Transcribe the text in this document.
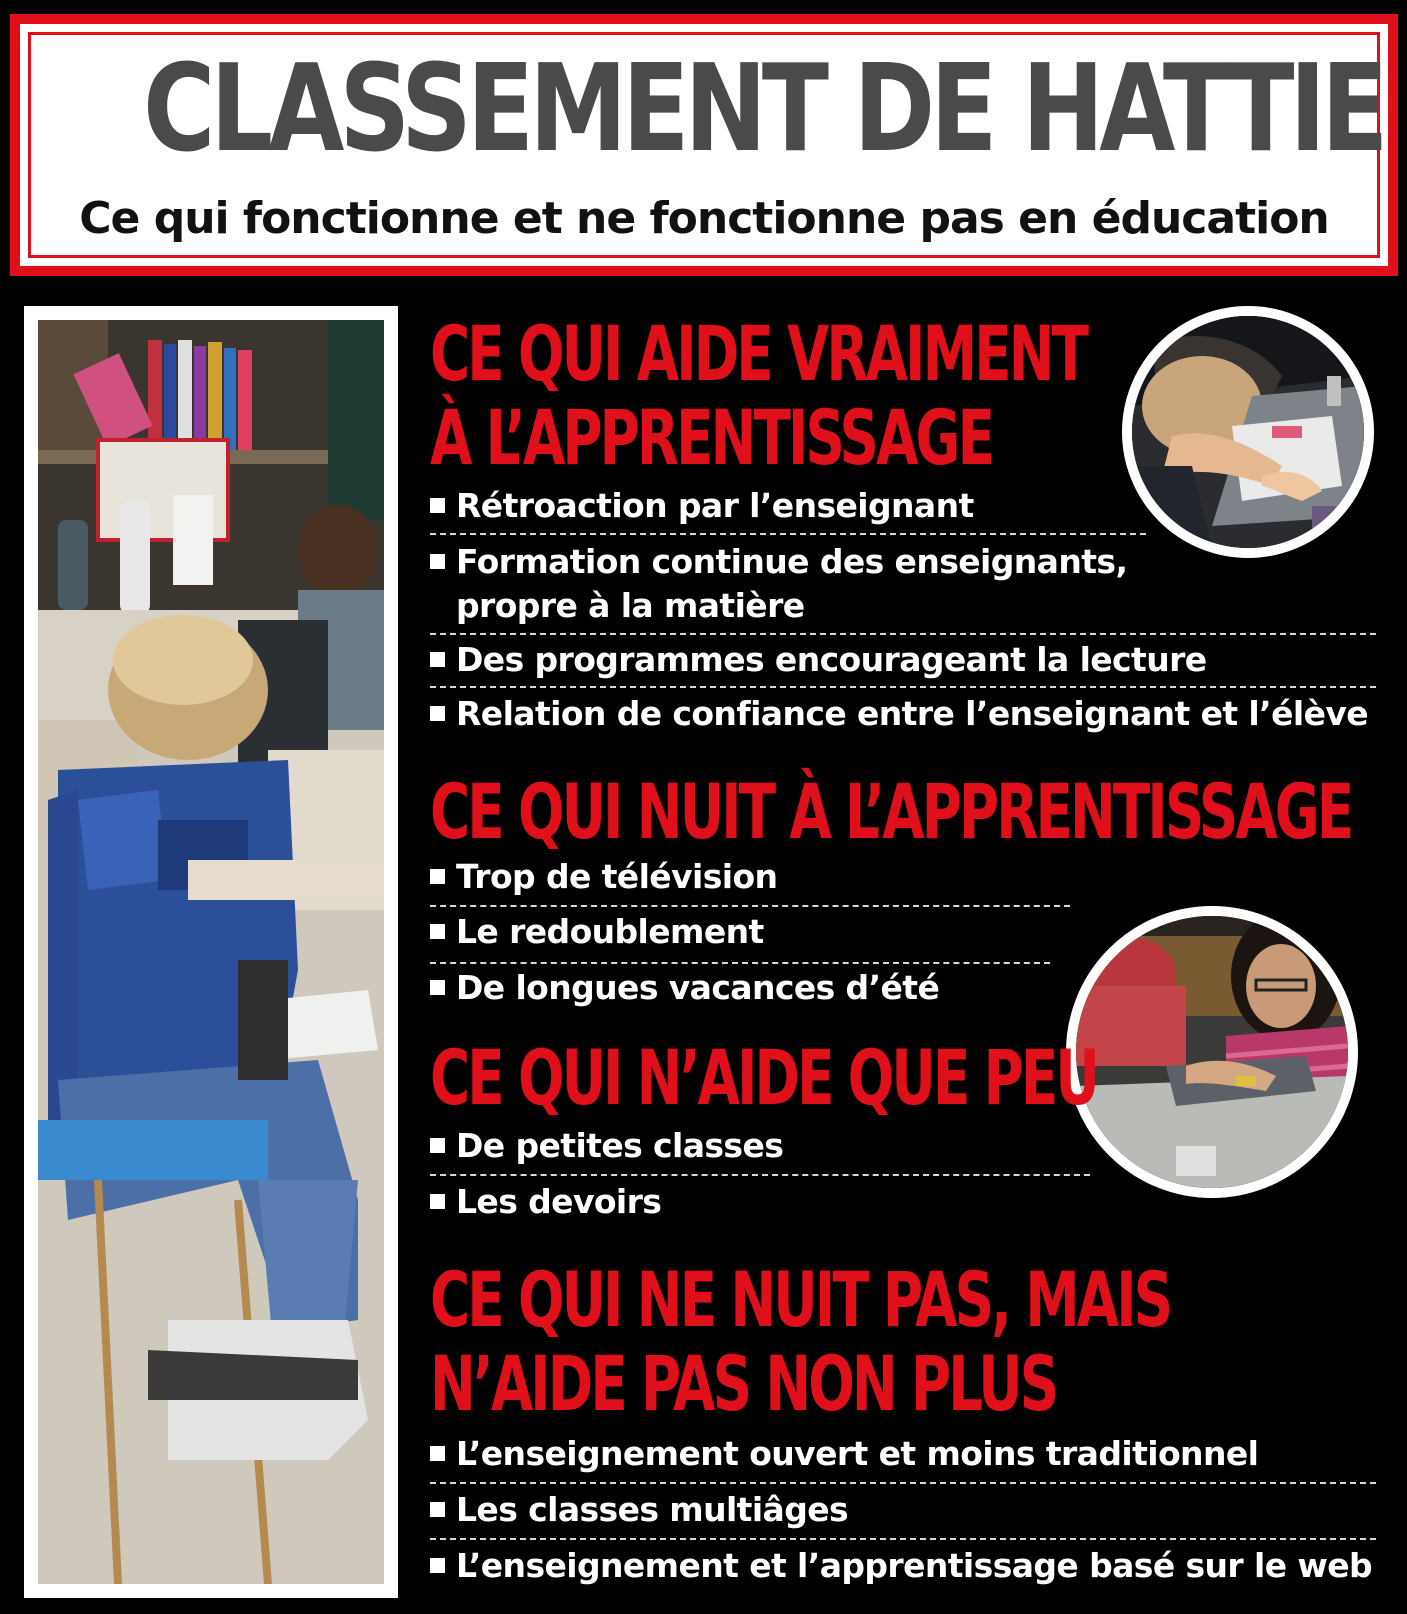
CLASSEMENT DE HATTIE
Ce qui fonctionne et ne fonctionne pas en éducation
CE QUI AIDE VRAIMENT
À L’APPRENTISSAGE
Rétroaction par l’enseignant
Formation continue des enseignants,
propre à la matière
Des programmes encourageant la lecture
Relation de confiance entre l’enseignant et l’élève
CE QUI NUIT À L’APPRENTISSAGE
Trop de télévision
Le redoublement
De longues vacances d’été
CE QUI N’AIDE QUE PEU
De petites classes
Les devoirs
CE QUI NE NUIT PAS, MAIS
N’AIDE PAS NON PLUS
L’enseignement ouvert et moins traditionnel
Les classes multiâges
L’enseignement et l’apprentissage basé sur le web
